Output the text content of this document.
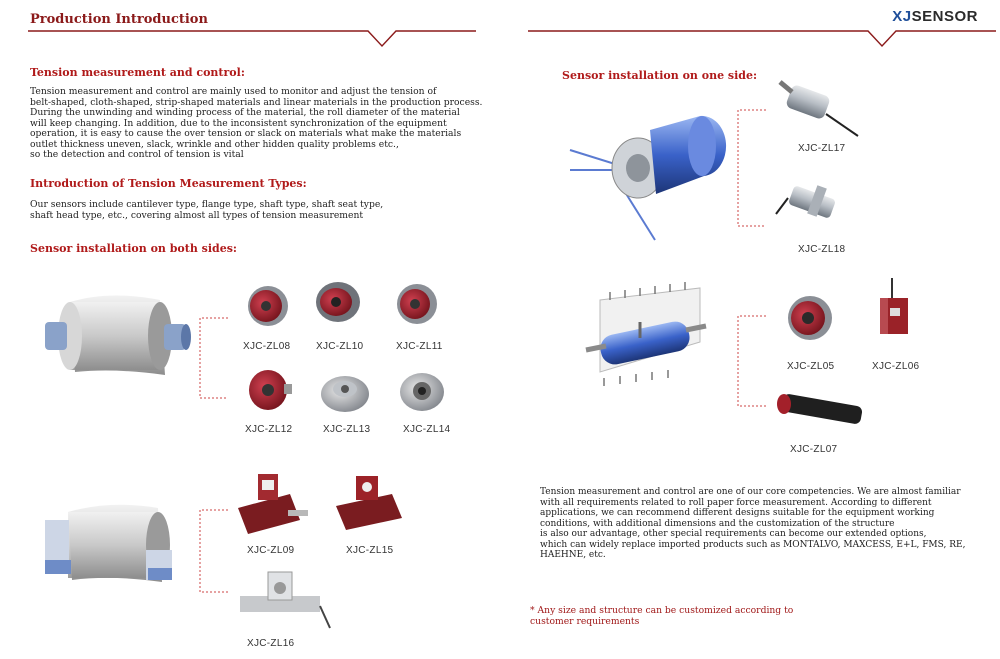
Production Introduction	XJSENSOR
Tension measurement and control:
Tension measurement and control are mainly used to monitor and adjust the tension of
belt-shaped, cloth-shaped, strip-shaped materials and linear materials in the production process.
During the unwinding and winding process of the material, the roll diameter of the material
will keep changing. In addition, due to the inconsistent synchronization of the equipment
operation, it is easy to cause the over tension or slack on materials what make the materials
outlet thickness uneven, slack, wrinkle and other hidden quality problems etc.,
so the detection and control of tension is vital
Introduction of Tension Measurement Types:
Our sensors include cantilever type, flange type, shaft type, shaft seat type,
shaft head type, etc., covering almost all types of tension measurement
Sensor installation on both sides:
XJC-ZL08	XJC-ZL10	XJC-ZL11
XJC-ZL12	XJC-ZL13	XJC-ZL14
XJC-ZL09	XJC-ZL15
XJC-ZL16
Sensor installation on one side:
XJC-ZL17
XJC-ZL18
XJC-ZL05	XJC-ZL06
XJC-ZL07
Tension measurement and control are one of our core competencies. We are almost familiar
with all requirements related to roll paper force measurement. According to different
applications, we can recommend different designs suitable for the equipment working
conditions, with additional dimensions and the customization of the structure
is also our advantage, other special requirements can become our extended options,
which can widely replace imported products such as MONTALVO, MAXCESS, E+L, FMS, RE,
HAEHNE, etc.
* Any size and structure can be customized according to
customer requirements
